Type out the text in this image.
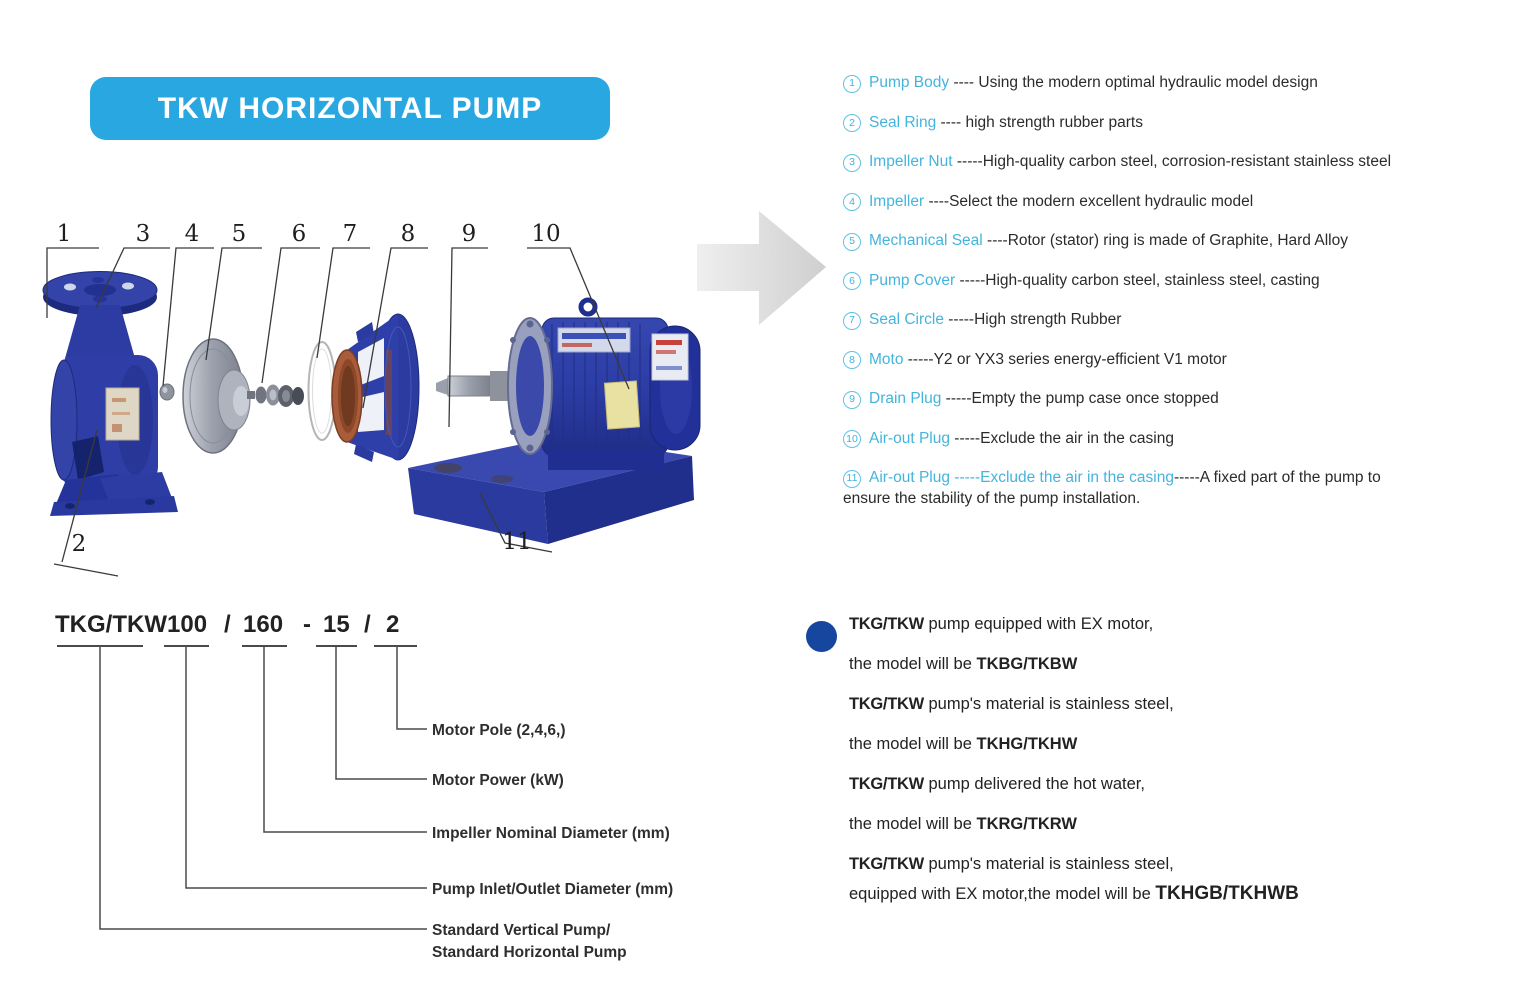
TKW HORIZONTAL PUMP
1	3 4 5 6 7 8 9 10
2	11
1 Pump Body ---- Using the modern optimal hydraulic model design
2 Seal Ring ---- high strength rubber parts
3 Impeller Nut -----High-quality carbon steel, corrosion-resistant stainless steel
4 Impeller ----Select the modern excellent hydraulic model
5 Mechanical Seal ----Rotor (stator) ring is made of Graphite, Hard Alloy
6 Pump Cover -----High-quality carbon steel, stainless steel, casting
7 Seal Circle -----High strength Rubber
8 Moto -----Y2 or YX3 series energy-efficient V1 motor
9 Drain Plug -----Empty the pump case once stopped
10 Air-out Plug -----Exclude the air in the casing
11 Air-out Plug -----Exclude the air in the casing-----A fixed part of the pump to
ensure the stability of the pump installation.
TKG/TKW 100 / 160 - 15 / 2
Motor Pole (2,4,6,)
Motor Power (kW)
Impeller Nominal Diameter (mm)
Pump Inlet/Outlet Diameter (mm)
Standard Vertical Pump/
Standard Horizontal Pump
TKG/TKW pump equipped with EX motor,
the model will be TKBG/TKBW
TKG/TKW pump's material is stainless steel,
the model will be TKHG/TKHW
TKG/TKW pump delivered the hot water,
the model will be TKRG/TKRW
TKG/TKW pump's material is stainless steel,
equipped with EX motor,the model will be TKHGB/TKHWB
